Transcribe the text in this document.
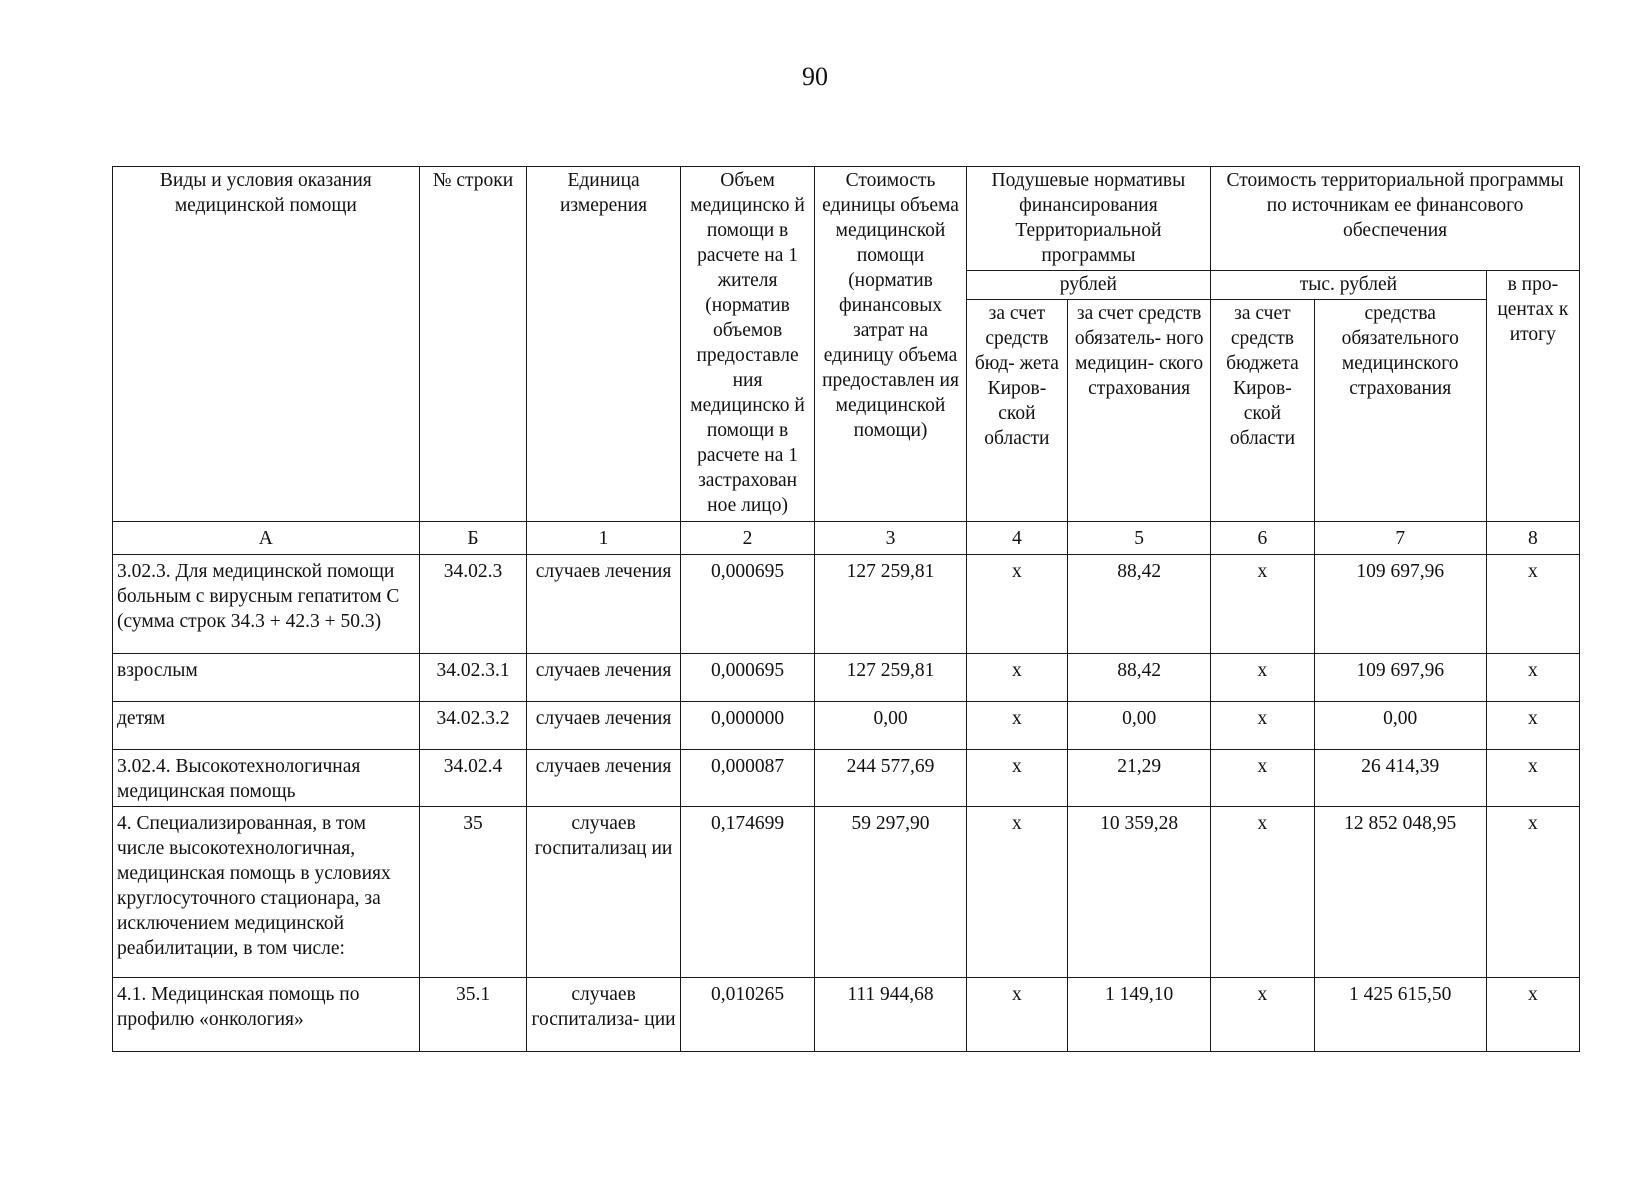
90
Виды и условия оказания медицинской помощи	№ строки	Единица измерения	Объем медицинско й помощи в расчете на 1 жителя (норматив объемов предоставле ния медицинско й помощи в расчете на 1 застрахован ное лицо)	Стоимость единицы объема медицинской помощи (норматив финансовых затрат на единицу объема предоставлен ия медицинской помощи)	Подушевые нормативы финансирования Территориальной программы		Стоимость территориальной программы по источникам ее финансового обеспечения		
					рублей		тыс. рублей		в про- центах к итогу
					за счет средств бюд- жета Киров- ской области	за счет средств обязатель- ного медицин- ского страхования	за счет средств бюджета Киров- ской области	средства обязательного медицинского страхования	
А	Б	1	2	3	4	5	6	7	8
3.02.3. Для медицинской помощи больным с вирусным гепатитом С (сумма строк 34.3 + 42.3 + 50.3)	34.02.3	случаев лечения	0,000695	127 259,81	х	88,42	х	109 697,96	х
взрослым	34.02.3.1	случаев лечения	0,000695	127 259,81	х	88,42	х	109 697,96	х
детям	34.02.3.2	случаев лечения	0,000000	0,00	х	0,00	х	0,00	х
3.02.4. Высокотехнологичная медицинская помощь	34.02.4	случаев лечения	0,000087	244 577,69	х	21,29	х	26 414,39	х
4. Специализированная, в том числе высокотехнологичная, медицинская помощь в условиях круглосуточного стационара, за исключением медицинской реабилитации, в том числе:	35	случаев госпитализац ии	0,174699	59 297,90	х	10 359,28	х	12 852 048,95	х
4.1. Медицинская помощь по профилю «онкология»	35.1	случаев госпитализа- ции	0,010265	111 944,68	х	1 149,10	х	1 425 615,50	х
